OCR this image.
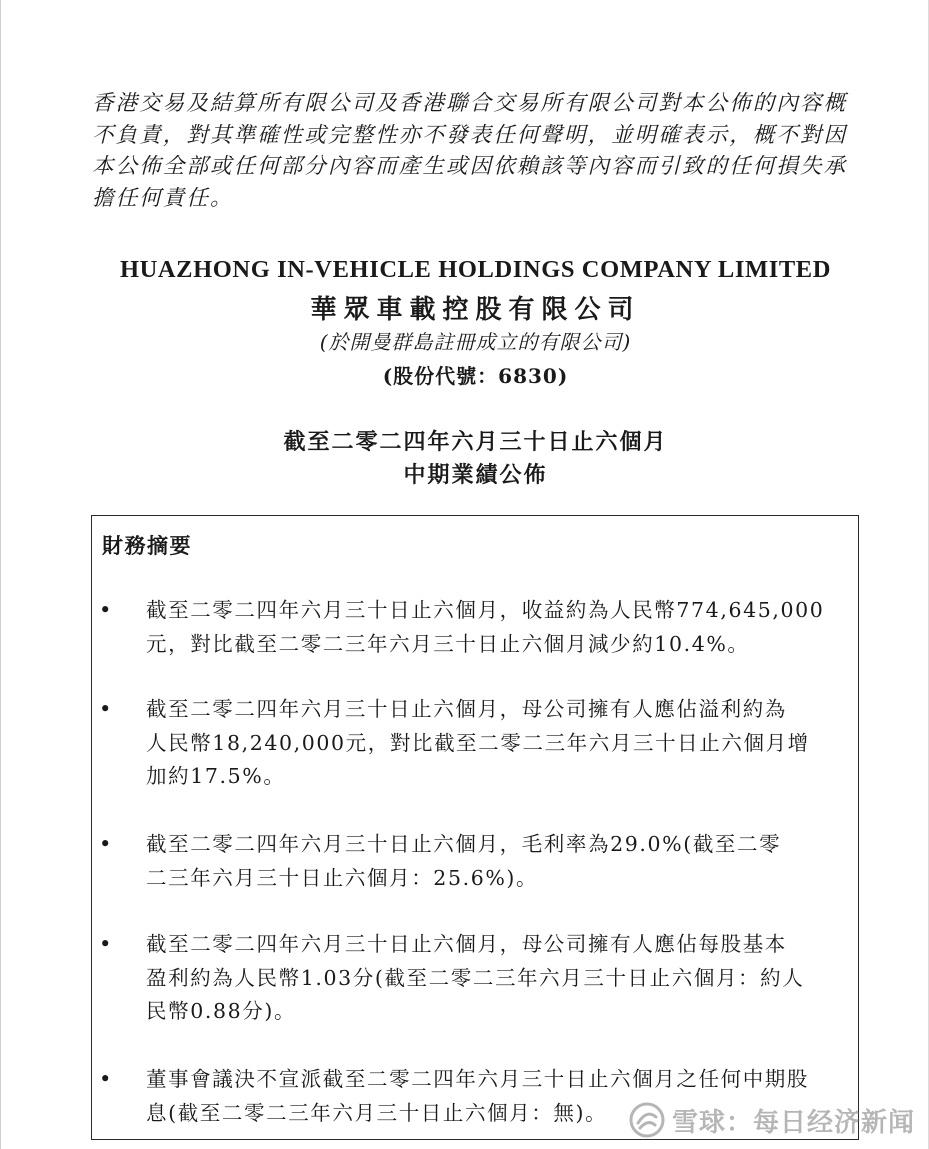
香港交易及結算所有限公司及香港聯合交易所有限公司對本公佈的內容概
不負責，對其準確性或完整性亦不發表任何聲明，並明確表示，概不對因
本公佈全部或任何部分內容而產生或因依賴該等內容而引致的任何損失承
擔任何責任。
HUAZHONG IN-VEHICLE HOLDINGS COMPANY LIMITED
華眾車載控股有限公司
(於開曼群島註冊成立的有限公司)
(股份代號：6830)
截至二零二四年六月三十日止六個月
中期業績公佈
財務摘要
• 截至二零二四年六月三十日止六個月，收益約為人民幣774,645,000
元，對比截至二零二三年六月三十日止六個月減少約10.4%。
• 截至二零二四年六月三十日止六個月，母公司擁有人應佔溢利約為
人民幣18,240,000元，對比截至二零二三年六月三十日止六個月增
加約17.5%。
• 截至二零二四年六月三十日止六個月，毛利率為29.0%(截至二零
二三年六月三十日止六個月：25.6%)。
• 截至二零二四年六月三十日止六個月，母公司擁有人應佔每股基本
盈利約為人民幣1.03分(截至二零二三年六月三十日止六個月：約人
民幣0.88分)。
• 董事會議決不宣派截至二零二四年六月三十日止六個月之任何中期股
息(截至二零二三年六月三十日止六個月：無)。	雪球：每日经济新闻
